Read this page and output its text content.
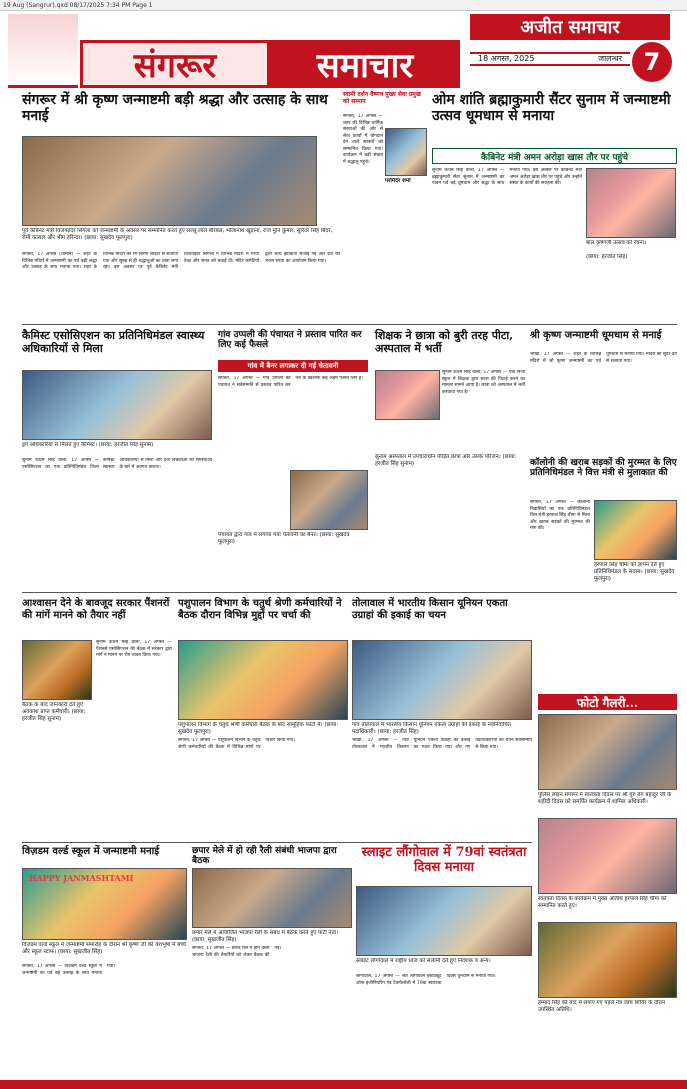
19 Aug (Sangrur).qxd 08/17/2025 7:34 PM Page 1
संगरूर	समाचार
अजीत समाचार
18 अगस्त, 2025	जालन्धर 7
संगरूर में श्री कृष्ण जन्माष्टमी बड़ी श्रद्धा और उत्साह के साथ मनाई
पूर्व कैबिनेट मंत्री विजयइंदर सिंगला को जन्माष्टमी के अवसर पर सम्मानित करते हुए लल्लू लाल बीरबल, भोलानाथ खुड़ाना, राज मुनि कुमार, सुरिंदर सिंह बिंदर, रोमी कांसल और भीम हरिन्दर। (छाया: सुखदेव फूलपुरा)
संगरूर, 17 अगस्त (धीमान) — शहर के विभिन्न मंदिरों में जन्माष्टमी का पर्व बड़ी श्रद्धा और उत्साह के साथ मनाया गया। शहर के विभिन्न मंदिरों को रंग-बिरंगी लाइटों से सजाया गया और सुबह से ही श्रद्धालुओं का तांता लगा रहा। इस अवसर पर पूर्व कैबिनेट मंत्री विजयइंदर सिंगला ने विभिन्न मंदिरों में माथा टेका और संगत को बधाई दी। मंदिर कमेटियों द्वारा भव्य झांकियां सजाई गईं और रात को भजन संध्या का आयोजन किया गया।
स्वामी दर्शन वैष्णव मुख्य सेवा प्रमुख को सम्मान
परमिंदर शर्मा
संगरूर, 17 अगस्त — शहर की विभिन्न धार्मिक संस्थाओं की ओर से सेवा कार्यों में योगदान देने वाले सदस्यों को सम्मानित किया गया। कार्यक्रम में बड़ी संख्या में श्रद्धालु पहुंचे।
ओम शांति ब्रह्माकुमारी सैंटर सुनाम में जन्माष्टमी उत्सव धूमधाम से मनाया
कैबिनेट मंत्री अमन अरोड़ा खास तौर पर पहुंचे
सुनाम ऊधम सिंह वाला, 17 अगस्त — ब्रह्माकुमारी सैंटर सुनाम में जन्माष्टमी का पावन पर्व बड़े धूमधाम और श्रद्धा के साथ मनाया गया। इस अवसर पर कैबिनेट मंत्री अमन अरोड़ा खास तौर पर पहुंचे और उन्होंने संस्था के कार्यों की सराहना की।
बाल कृष्णजी उत्सव को रचना।
(छाया: हरजीत सिंह)
कैमिस्ट एसोसिएशन का प्रतिनिधिमंडल स्वास्थ्य अधिकारियों से मिला
ड्रग अधिकारियों से मिलते हुए कैमिस्ट। (छाया: हरजीत सिंह सुनाम)
सुनाम ऊधम सिंह वाला, 17 अगस्त — कैमिस्ट एसोसिएशन का एक प्रतिनिधिमंडल जिला स्वास्थ्य अधिकारियों से मिला और दवा विक्रेताओं की समस्याओं के बारे में अवगत कराया।
गांव उप्पली की पंचायत ने प्रस्ताव पारित कर लिए कई फैसले
गांव में बैनर लगाकर दी गई चेतावनी
संगरूर, 17 अगस्त — गांव उप्पली की पंचायत ने सर्वसम्मति से प्रस्ताव पारित कर नशे के खिलाफ कई अहम फैसले लिए हैं।
पंचायत द्वारा गांव में लगाया गया चेतावनी का बैनर। (छाया: सुखदेव फूलपुरा)
शिक्षक ने छात्रा को बुरी तरह पीटा, अस्पताल में भर्ती
सुनाम ऊधम सिंह वाला, 17 अगस्त — एक निजी स्कूल में शिक्षक द्वारा छात्रा की पिटाई करने का मामला सामने आया है। छात्रा को अस्पताल में भर्ती करवाया गया है।
सुनाम अस्पताल में उपचाराधीन पीड़ित छात्रा और उसके परिजन। (छाया: हरजीत सिंह सुनाम)
श्री कृष्ण जन्माष्टमी धूमधाम से मनाई
भीखी, 17 अगस्त — शहर के विभिन्न मंदिरों में श्री कृष्ण जन्माष्टमी का पर्व धूमधाम से मनाया गया। मंदिरों को सुंदर ढंग से सजाया गया।
कॉलोनी की खराब सड़कों की मुरम्मत के लिए प्रतिनिधिमंडल ने वित्त मंत्री से मुलाकात की
संगरूर, 17 अगस्त — कॉलोनी निवासियों का एक प्रतिनिधिमंडल वित्त मंत्री हरपाल सिंह चीमा से मिला और खराब सड़कों की मुरम्मत की मांग की।
हरपाल सिंह चीमा को ज्ञापन देते हुए प्रतिनिधिमंडल के सदस्य। (छाया: सुखदेव फूलपुरा)
आश्वासन देने के बावजूद सरकार पैंशनरों की मांगें मानने को तैयार नहीं
बैठक के बाद जानकारी देते हुए अवकाश प्राप्त कर्मचारी। (छाया: हरजीत सिंह सुनाम)
सुनाम ऊधम सिंह वाला, 17 अगस्त — पैंशनर्स एसोसिएशन की बैठक में सरकार द्वारा मांगें न मानने पर रोष व्यक्त किया गया।
पशुपालन विभाग के चतुर्थ श्रेणी कर्मचारियों ने बैठक दौरान विभिन्न मुद्दों पर चर्चा की
पशुपालन विभाग के चतुर्थ श्रेणी कर्मचारी बैठक के बाद सामूहिक फोटो में। (छाया: सुखदेव फूलपुरा)
संगरूर, 17 अगस्त — पशुपालन विभाग के चतुर्थ श्रेणी कर्मचारियों की बैठक में विभिन्न मांगों पर विचार किया गया।
तोलावाल में भारतीय किसान यूनियन एकता उग्राहां की इकाई का चयन
गांव तोलावाल में भारतीय किसान यूनियन एकता उग्राहां की इकाई के नवनिर्वाचित पदाधिकारी। (छाया: हरजीत सिंह)
भीखी, 17 अगस्त — गांव तोलावाल में भारतीय किसान यूनियन एकता उग्राहां की इकाई का गठन किया गया और नए पदाधिकारियों का चयन सर्वसम्मति से किया गया।
फोटो गैलरी...
पुलिस लाइन संगरूर में स्वतंत्रता दिवस पर श्री गुरु तेग बहादुर जी के शहीदी दिवस को समर्पित कार्यक्रम में शामिल अधिकारी।
स्वतंत्रता दिवस के कार्यक्रम में मुख्य अतिथि हरपाल सिंह चीमा को सम्मानित करते हुए।
हम्माद सिंह की याद में लगाए गए पहले नेत्र जांच शिविर के दौरान उपस्थित अतिथि।
विज़डम वर्ल्ड स्कूल में जन्माष्टमी मनाई
HAPPY JANMASHTAMI
विज़डम वर्ल्ड स्कूल में जन्माष्टमी समारोह के दौरान श्री कृष्ण जी की वेशभूषा में बच्चे और स्कूल स्टाफ। (छाया: सुखजीत सिंह)
संगरूर, 17 अगस्त — विज़डम वर्ल्ड स्कूल में जन्माष्टमी का पर्व बड़े उत्साह के साथ मनाया गया।
छपार मेले में हो रही रैली संबंधी भाजपा द्वारा बैठक
छपार मेले में आयोजित भाजपा रैली के संबंध में बैठक करते हुए पार्टी नेता। (छाया: सुखजीत सिंह)
संगरूर, 17 अगस्त — छपार मेले में होने वाली भाजपा रैली की तैयारियों को लेकर बैठक की गई।
स्लाइट लौंगोवाल में 79वां स्वतंत्रता दिवस मनाया
स्लाइट लौंगोवाल में राष्ट्रीय ध्वज को सलामी देते हुए निदेशक व अन्य।
लौंगोवाल, 17 अगस्त — संत लौंगोवाल इंस्टीट्यूट ऑफ इंजीनियरिंग एंड टेक्नोलॉजी में 79वां स्वतंत्रता दिवस धूमधाम से मनाया गया।
